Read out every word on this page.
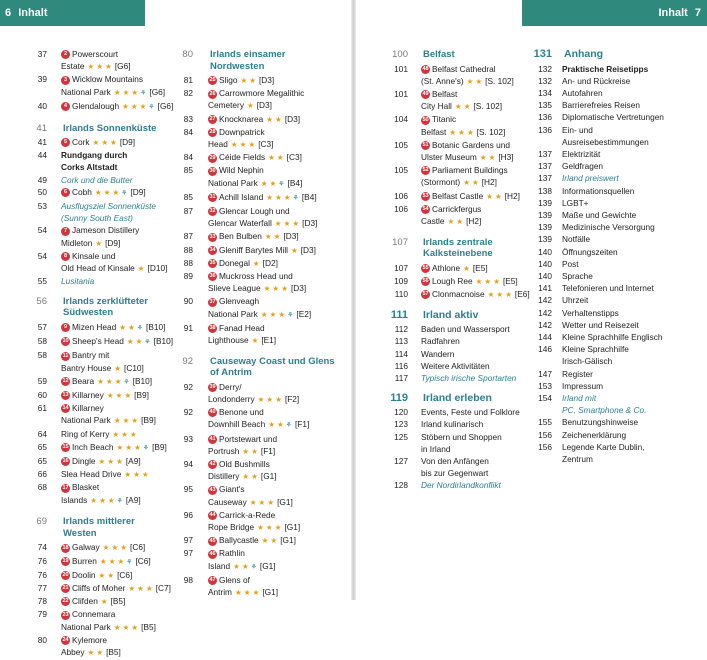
6 Inhalt	Inhalt 7
37	2 Powerscourt
Estate ★ ★ ★ [G6]
39	3 Wicklow Mountains
National Park ★ ★ ★ ⚘ [G6]
40	4 Glendalough ★ ★ ★ ⚘ [G6]
41 Irlands Sonnenküste
41	5 Cork ★ ★ ★ [D9]
44 Rundgang durch
Corks Altstadt
49 Cork und die Butter
50	6 Cobh ★ ★ ★ ⚘ [D9]
53 Ausflugsziel Sonnenküste
(Sunny South East)
54	7 Jameson Distillery
Midleton ★ [D9]
54	8 Kinsale und
Old Head of Kinsale ★ [D10]
55 Lusitania
56 Irlands zerklüfteter Südwesten
57	9 Mizen Head ★ ★ ⚘ [B10]
58	10 Sheep's Head ★ ★ ⚘ [B10]
58	11 Bantry mit
Bantry House ★ [C10]
59	12 Beara ★ ★ ★ ⚘ [B10]
60	13 Killarney ★ ★ ★ [B9]
61	14 Killarney
National Park ★ ★ ★ [B9]
64 Ring of Kerry ★ ★ ★
65	15 Inch Beach ★ ★ ★ ⚘ [B9]
65	16 Dingle ★ ★ ★ [A9]
66 Slea Head Drive ★ ★ ★
68	17 Blasket
Islands ★ ★ ★ ⚘ [A9]
69 Irlands mittlerer Westen
74	18 Galway ★ ★ ★ [C6]
76	19 Burren ★ ★ ★ ⚘ [C6]
76	20 Doolin ★ ★ [C6]
77	21 Cliffs of Moher ★ ★ ★ [C7]
78	22 Clifden ★ [B5]
79	23 Connemara
National Park ★ ★ ★ [B5]
80	24 Kylemore
Abbey ★ ★ [B5]
80 Irlands einsamer Nordwesten
81	25 Sligo ★ ★ [D3]
82	26 Carrowmore Megalithic
Cemetery ★ [D3]
83	27 Knocknarea ★ ★ [D3]
84	28 Downpatrick
Head ★ ★ ★ [C3]
84	29 Céide Fields ★ ★ [C3]
85	30 Wild Nephin
National Park ★ ★ ⚘ [B4]
85	31 Achill Island ★ ★ ★ ⚘ [B4]
87	32 Glencar Lough und
Glencar Waterfall ★ ★ ★ [D3]
87	33 Ben Bulben ★ ★ [D3]
88	34 Gleniff Barytes Mill ★ [D3]
88	35 Donegal ★ [D2]
89	36 Muckross Head und
Slieve League ★ ★ ★ [D3]
90	37 Glenveagh
National Park ★ ★ ★ ⚘ [E2]
91	38 Fanad Head
Lighthouse ★ [E1]
92 Causeway Coast und Glens of Antrim
92	39 Derry/
Londonderry ★ ★ ★ [F2]
92	40 Benone und
Downhill Beach ★ ★ ⚘ [F1]
93	41 Portstewart und
Portrush ★ ★ [F1]
94	42 Old Bushmills
Distillery ★ ★ [G1]
95	43 Giant's
Causeway ★ ★ ★ [G1]
96	44 Carrick-a-Rede
Rope Bridge ★ ★ ★ [G1]
97	45 Ballycastle ★ ★ [G1]
97	46 Rathlin
Island ★ ★ ⚘ [G1]
98	47 Glens of
Antrim ★ ★ ★ [G1]
100 Belfast
101	48 Belfast Cathedral
(St. Anne's) ★ ★ [S. 102]
101	49 Belfast
City Hall ★ ★ [S. 102]
104	50 Titanic
Belfast ★ ★ ★ [S. 102]
105	51 Botanic Gardens und
Ulster Museum ★ ★ [H3]
105	52 Parliament Buildings
(Stormont) ★ ★ [H2]
106	53 Belfast Castle ★ ★ [H2]
106	54 Carrickfergus
Castle ★ ★ [H2]
107 Irlands zentrale Kalksteinebene
107	55 Athlone ★ [E5]
109	56 Lough Ree ★ ★ ★ [E5]
110	57 Clonmacnoise ★ ★ ★ [E6]
111 Irland aktiv
112 Baden und Wassersport
113 Radfahren
114 Wandern
116 Weitere Aktivitäten
117 Typisch irische Sportarten
119 Irland erleben
120 Events, Feste und Folklore
123 Irland kulinarisch
125 Stöbern und Shoppen
in Irland
127 Von den Anfängen
bis zur Gegenwart
128 Der Nordirlandkonflikt
131 Anhang
132 Praktische Reisetipps
132 An- und Rückreise
134 Autofahren
135 Barrierefreies Reisen
136 Diplomatische Vertretungen
136 Ein- und
Ausreisebestimmungen
137 Elektrizität
137 Geldfragen
137 Irland preiswert
138 Informationsquellen
139 LGBT+
139 Maße und Gewichte
139 Medizinische Versorgung
139 Notfälle
140 Öffnungszeiten
140 Post
140 Sprache
141 Telefonieren und Internet
142 Uhrzeit
142 Verhaltenstipps
142 Wetter und Reisezeit
144 Kleine Sprachhilfe Englisch
146 Kleine Sprachhilfe
Irisch-Gälisch
147 Register
153 Impressum
154 Irland mit
PC, Smartphone & Co.
155 Benutzungshinweise
156 Zeichenerklärung
156 Legende Karte Dublin,
Zentrum
